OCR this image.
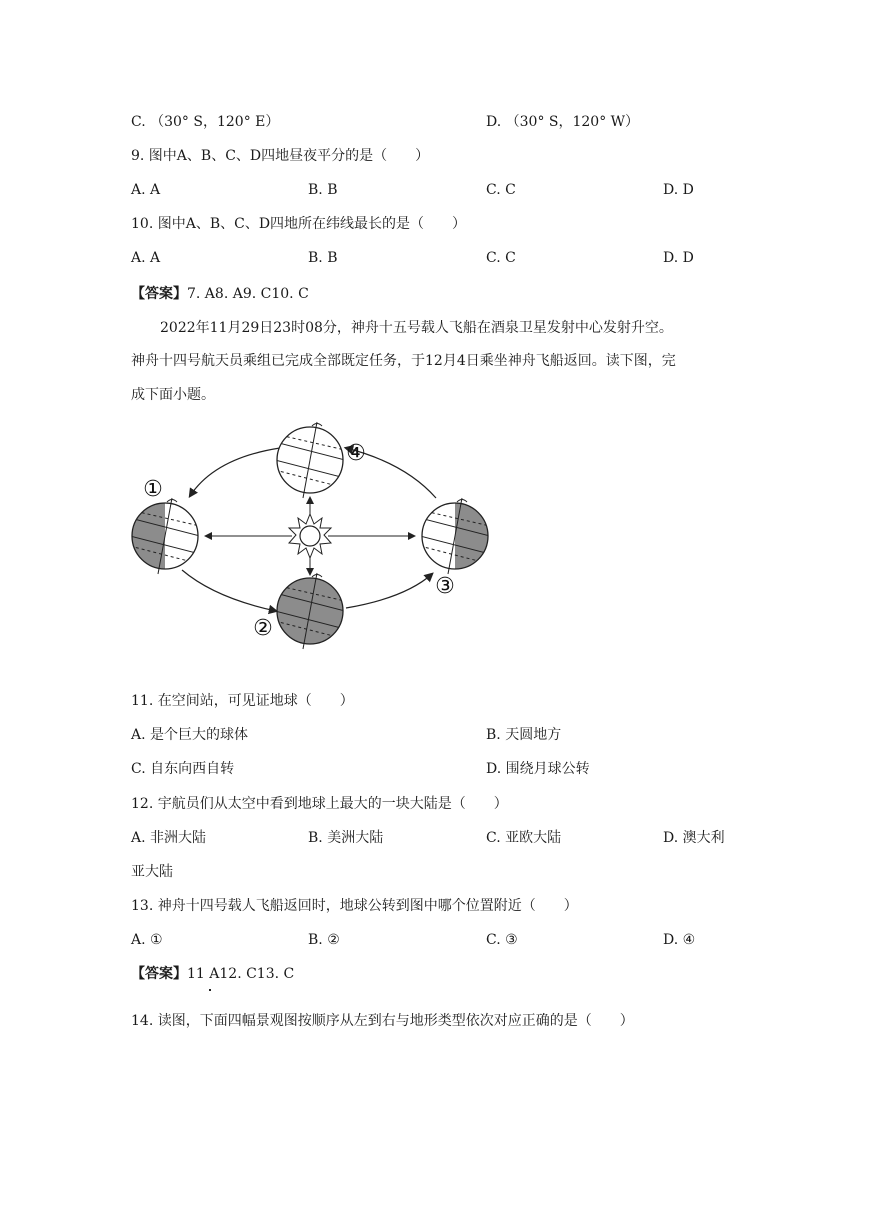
C. （30° S，120° E）	D. （30° S，120° W）
9. 图中A、B、C、D四地昼夜平分的是（　　）
A. A	B. B	C. C	D. D
10. 图中A、B、C、D四地所在纬线最长的是（　　）
A. A	B. B	C. C	D. D
【答案】7. A8. A9. C10. C
2022年11月29日23时08分，神舟十五号载人飞船在酒泉卫星发射中心发射升空。
神舟十四号航天员乘组已完成全部既定任务，于12月4日乘坐神舟飞船返回。读下图，完
成下面小题。
①
②
③
④
11. 在空间站，可见证地球（　　）
A. 是个巨大的球体	B. 天圆地方
C. 自东向西自转	D. 围绕月球公转
12. 宇航员们从太空中看到地球上最大的一块大陆是（　　）
A. 非洲大陆	B. 美洲大陆	C. 亚欧大陆	D. 澳大利
亚大陆
13. 神舟十四号载人飞船返回时，地球公转到图中哪个位置附近（　　）
A. ①	B. ②	C. ③	D. ④
【答案】11 A12. C13. C
14. 读图，下面四幅景观图按顺序从左到右与地形类型依次对应正确的是（　　）
